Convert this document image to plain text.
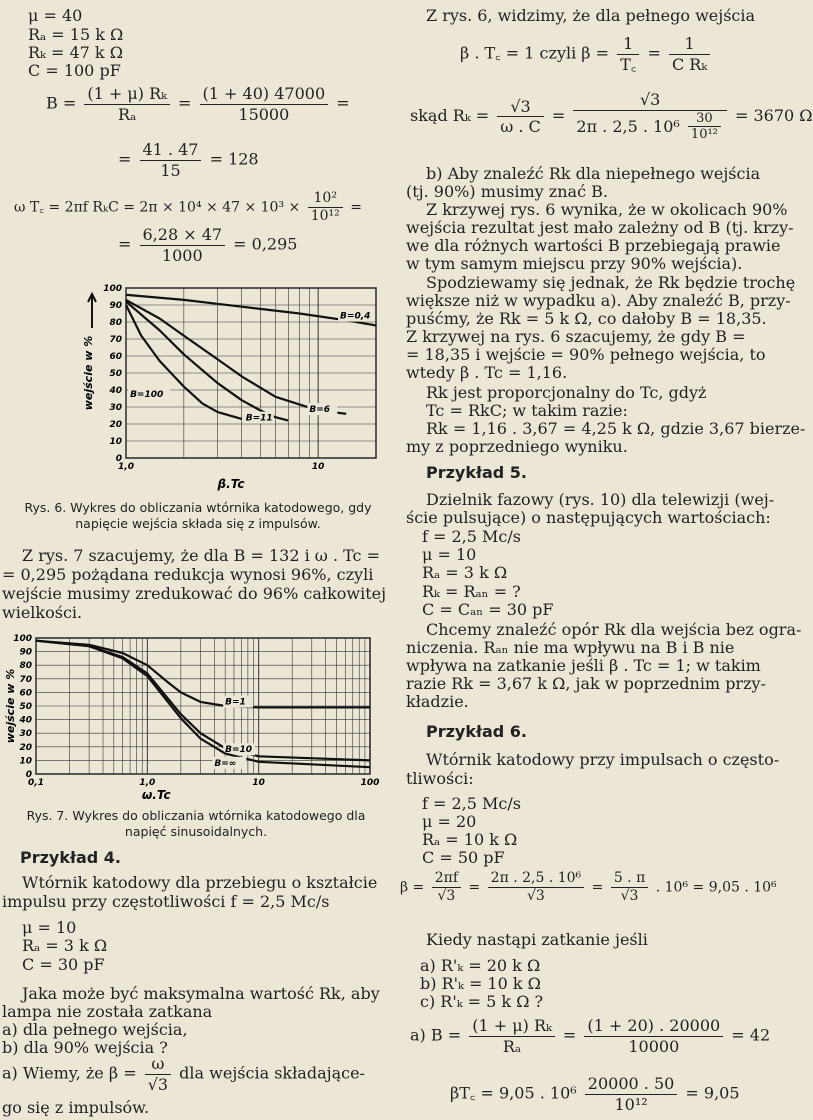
μ = 40
Rₐ = 15 k Ω
Rₖ = 47 k Ω
C = 100 pF
$B = \frac{\text{(1 + μ) Rₖ}}{\text{Rₐ}} = \frac{(1 + 40) 47000}{15000}$ =
= $\frac{41 . 47}{15} = 128$
ω T꜀ = 2πf $R_kC = 2\pi \times 10^4 \times 47 \times 10^3 \times \frac{\text{10²}}{\text{10¹²}}$ =
= $\frac{6,28 \times 47}{1000} = 0,295$
0
10
20
30
40
50
60
70
80
90
100
1,0	10
β.Tc
wejście w %
B=0,4
B=6
B=11
B=100
Rys. 6. Wykres do obliczania wtórnika katodowego, gdy napięcie wejścia składa się z impulsów.
Z rys. 7 szacujemy, że dla B = 132 i ω . Tc =
= 0,295 pożądana redukcja wynosi 96%, czyli
wejście musimy zredukować do 96% całkowitej
wielkości.
0
10
20
30
40
50
60
70
80
90
100
0,1	1,0	10	100
ω.Tc
wejście w %	B=1
B=10
B=∞
Rys. 7. Wykres do obliczania wtórnika katodowego dla napięć sinusoidalnych.
Przykład 4.
Wtórnik katodowy dla przebiegu o kształcie
impulsu przy częstotliwości f = 2,5 Mc/s
μ = 10
Rₐ = 3 k Ω
C = 30 pF
Jaka może być maksymalna wartość Rk, aby
lampa nie została zatkana
a) dla pełnego wejścia,
b) dla 90% wejścia ?
a) Wiemy, że $\beta = \frac{\omega}{√3}$ dla wejścia składające-
go się z impulsów.
Z rys. 6, widzimy, że dla pełnego wejścia
β . T꜀ = 1 czyli $\beta = \frac{1}{T꜀} = \frac{1}{\text{C Rₖ}}$
skąd $R_k = \frac{√3}{\omega . C} = \frac{√3}{2\pi . 2,5 . 10^6 \frac{30}{\text{10¹²}}} = 3670$ Ω
b) Aby znaleźć Rk dla niepełnego wejścia
(tj. 90%) musimy znać B.
Z krzywej rys. 6 wynika, że w okolicach 90%
wejścia rezultat jest mało zależny od B (tj. krzy-
we dla różnych wartości B przebiegają prawie
w tym samym miejscu przy 90% wejścia).
Spodziewamy się jednak, że Rk będzie trochę
większe niż w wypadku a). Aby znaleźć B, przy-
puśćmy, że Rk = 5 k Ω, co dałoby B = 18,35.
Z krzywej na rys. 6 szacujemy, że gdy B =
= 18,35 i wejście = 90% pełnego wejścia, to
wtedy β . Tc = 1,16.
Rk jest proporcjonalny do Tc, gdyż
Tc = RkC; w takim razie:
Rk = 1,16 . 3,67 = 4,25 k Ω, gdzie 3,67 bierze-
my z poprzedniego wyniku.
Przykład 5.
Dzielnik fazowy (rys. 10) dla telewizji (wej-
ście pulsujące) o następujących wartościach:
f = 2,5 Mc/s
μ = 10
Rₐ = 3 k Ω
Rₖ = Rₐₙ = ?
C = Cₐₙ = 30 pF
Chcemy znaleźć opór Rk dla wejścia bez ogra-
niczenia. Rₐₙ nie ma wpływu na B i B nie
wpływa na zatkanie jeśli β . Tc = 1; w takim
razie Rk = 3,67 k Ω, jak w poprzednim przy-
kładzie.
Przykład 6.
Wtórnik katodowy przy impulsach o często-
tliwości:
f = 2,5 Mc/s
μ = 20
Rₐ = 10 k Ω
C = 50 pF
$\beta = \frac{2\pi f}{√3} = \frac{\text{2π . 2,5 . 10⁶}}{√3} = \frac{5 . \pi}{√3}$ . 10⁶ = 9,05 . 10⁶
Kiedy nastąpi zatkanie jeśli
a) R'ₖ = 20 k Ω
b) R'ₖ = 10 k Ω
c) R'ₖ = 5 k Ω ?
a) $B = \frac{\text{(1 + μ) Rₖ}}{\text{Rₐ}} = \frac{(1 + 20) . 20000}{10000} = 42$
βT꜀ = 9,05 . $10^6 \frac{20000 . 50}{\text{10¹²}} = 9,05$
